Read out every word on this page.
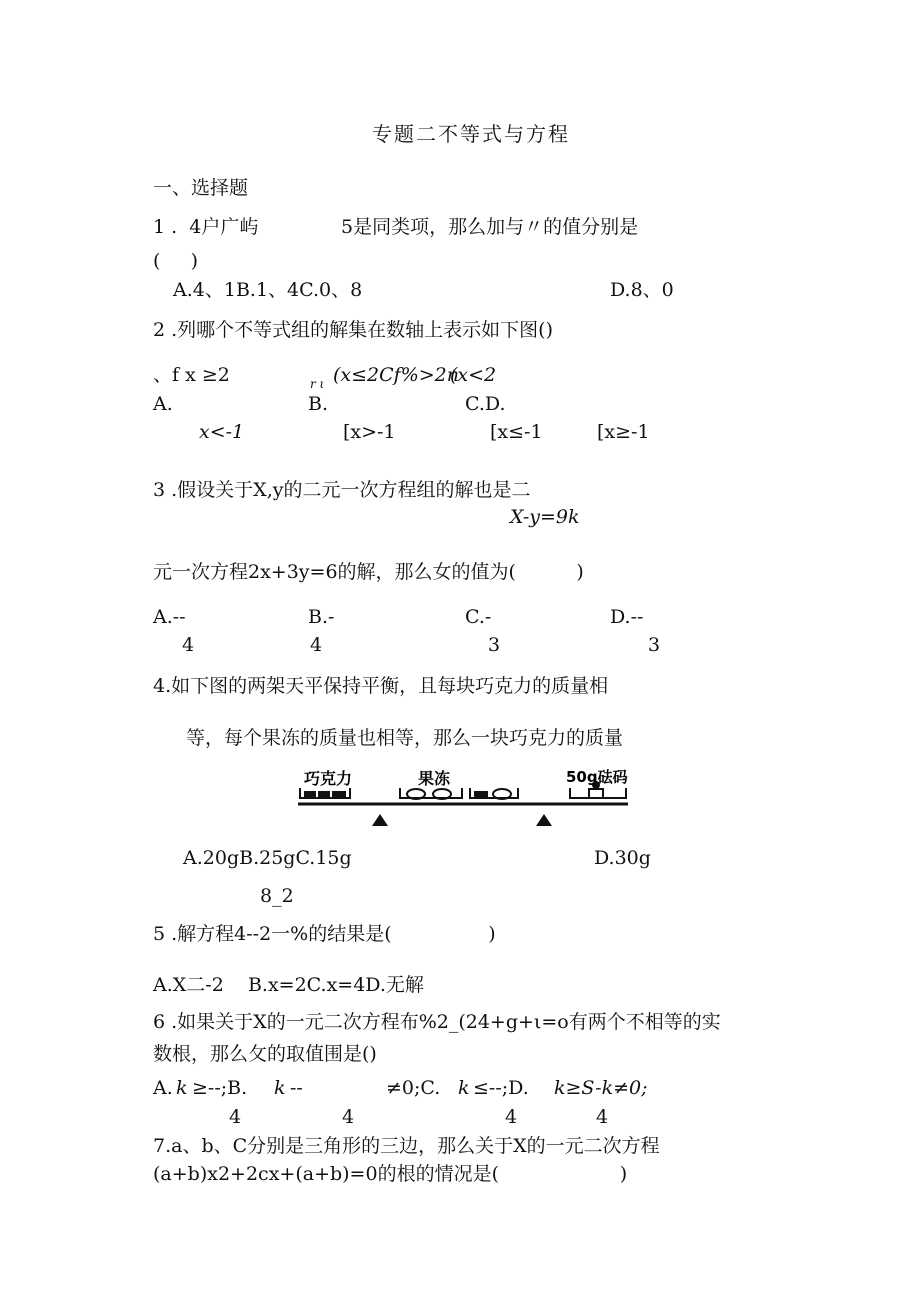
专题二不等式与方程
一、选择题
1 .  4户广屿	5是同类项，那么加与〃的值分别是
(     )
A.4、1B.1、4C.0、8	D.8、0
2 .列哪个不等式组的解集在数轴上表示如下图()
、f x ≥2	r ι (x≤2Cf%>2n
(x<2
A.	B.	C.D.
x<-1	[x>-1	[x≤-1	[x≥-1
3 .假设关于X,y的二元一次方程组的解也是二
X-y=9k
元一次方程2x+3y=6的解，那么女的值为(          )
A.--	B.-	C.-	D.--
4	4	3	3
4.如下图的两架天平保持平衡，且每块巧克力的质量相
等，每个果冻的质量也相等，那么一块巧克力的质量
巧克力	果冻	50g砝码
A.20gB.25gC.15g	D.30g
8_2
5 .解方程4--2一%的结果是(                )
A.X二-2    B.x=2C.x=4D.无解
6 .如果关于X的一元二次方程布%2_(24+g+ι=o有两个不相等的实
数根，那么攵的取值围是()
A. k ≥--;B. k --	≠0;C. k ≤--;D. k≥S-k≠0;
4	4	4	4
7.a、b、C分别是三角形的三边，那么关于X的一元二次方程
(a+b)x2+2cx+(a+b)=0的根的情况是(                    )
